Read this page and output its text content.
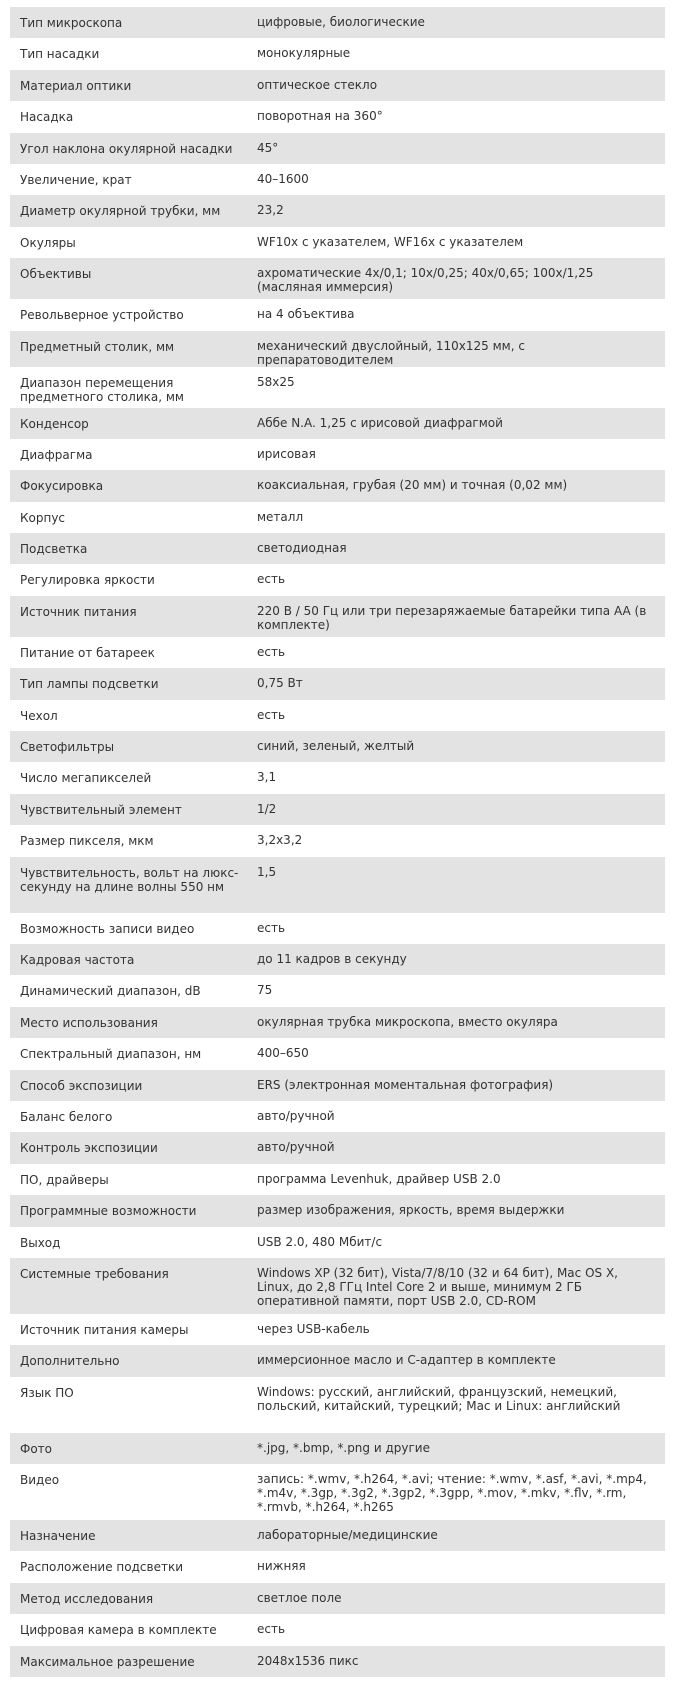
Тип микроскопа	цифровые, биологические
Тип насадки	монокулярные
Материал оптики	оптическое стекло
Насадка	поворотная на 360°
Угол наклона окулярной насадки	45°
Увеличение, крат	40–1600
Диаметр окулярной трубки, мм	23,2
Окуляры	WF10x с указателем, WF16x с указателем
Объективы	ахроматические 4x/0,1; 10x/0,25; 40x/0,65; 100x/1,25 (масляная иммерсия)
Револьверное устройство	на 4 объектива
Предметный столик, мм	механический двуслойный, 110x125 мм, с препаратоводителем
Диапазон перемещения предметного столика, мм	58x25
Конденсор	Аббе N.A. 1,25 с ирисовой диафрагмой
Диафрагма	ирисовая
Фокусировка	коаксиальная, грубая (20 мм) и точная (0,02 мм)
Корпус	металл
Подсветка	светодиодная
Регулировка яркости	есть
Источник питания	220 В / 50 Гц или три перезаряжаемые батарейки типа AA (в комплекте)
Питание от батареек	есть
Тип лампы подсветки	0,75 Вт
Чехол	есть
Светофильтры	синий, зеленый, желтый
Число мегапикселей	3,1
Чувствительный элемент	1/2
Размер пикселя, мкм	3,2x3,2
Чувствительность, вольт на люкс-секунду на длине волны 550 нм	1,5
Возможность записи видео	есть
Кадровая частота	до 11 кадров в секунду
Динамический диапазон, dB	75
Место использования	окулярная трубка микроскопа, вместо окуляра
Спектральный диапазон, нм	400–650
Способ экспозиции	ERS (электронная моментальная фотография)
Баланс белого	авто/ручной
Контроль экспозиции	авто/ручной
ПО, драйверы	программа Levenhuk, драйвер USB 2.0
Программные возможности	размер изображения, яркость, время выдержки
Выход	USB 2.0, 480 Мбит/с
Системные требования	Windows XP (32 бит), Vista/7/8/10 (32 и 64 бит), Mac OS X, Linux, до 2,8 ГГц Intel Core 2 и выше, минимум 2 ГБ оперативной памяти, порт USB 2.0, CD-ROM
Источник питания камеры	через USB-кабель
Дополнительно	иммерсионное масло и C-адаптер в комплекте
Язык ПО	Windows: русский, английский, французский, немецкий, польский, китайский, турецкий; Mac и Linux: английский
Фото	*.jpg, *.bmp, *.png и другие
Видео	запись: *.wmv, *.h264, *.avi; чтение: *.wmv, *.asf, *.avi, *.mp4, *.m4v, *.3gp, *.3g2, *.3gp2, *.3gpp, *.mov, *.mkv, *.flv, *.rm, *.rmvb, *.h264, *.h265
Назначение	лабораторные/медицинские
Расположение подсветки	нижняя
Метод исследования	светлое поле
Цифровая камера в комплекте	есть
Максимальное разрешение	2048x1536 пикс
